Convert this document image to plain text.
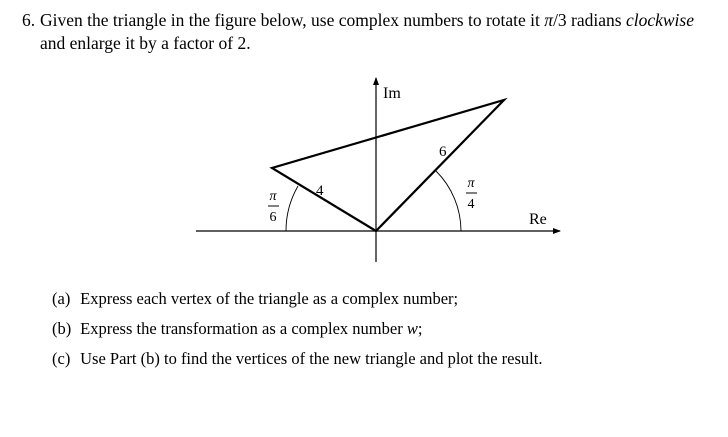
6. Given the triangle in the figure below, use complex numbers to rotate it π/3 radians clockwise
and enlarge it by a factor of 2.
Im
Re
4
6
π
6
π
4
(a) Express each vertex of the triangle as a complex number;
(b) Express the transformation as a complex number w;
(c) Use Part (b) to find the vertices of the new triangle and plot the result.
